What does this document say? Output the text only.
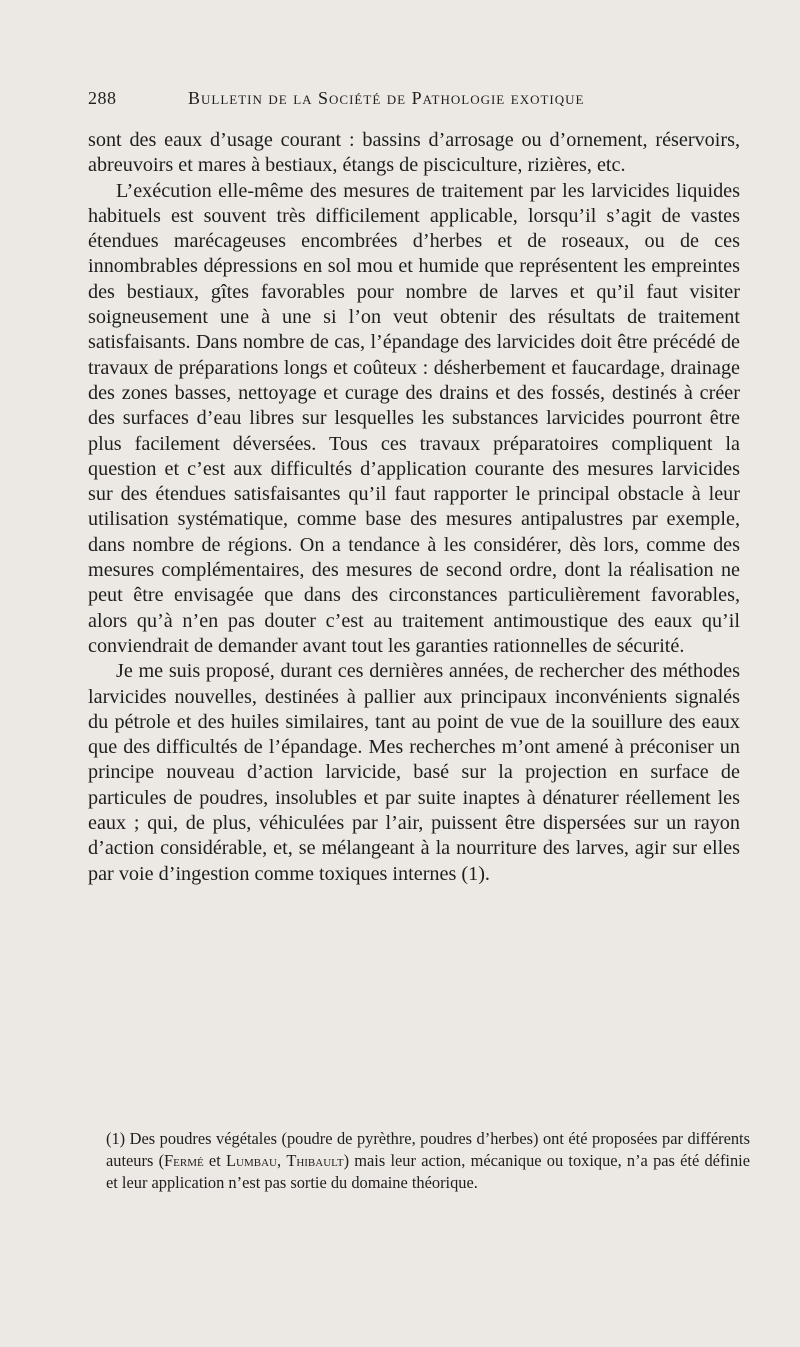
288	Bulletin de la Société de Pathologie exotique

sont des eaux d’usage courant : bassins d’arrosage ou d’ornement, réservoirs, abreuvoirs et mares à bestiaux, étangs de pisciculture, rizières, etc.

L’exécution elle-même des mesures de traitement par les larvicides liquides habituels est souvent très difficilement applicable, lorsqu’il s’agit de vastes étendues marécageuses encombrées d’herbes et de roseaux, ou de ces innombrables dépressions en sol mou et humide que représentent les empreintes des bestiaux, gîtes favorables pour nombre de larves et qu’il faut visiter soigneusement une à une si l’on veut obtenir des résultats de traitement satisfaisants. Dans nombre de cas, l’épandage des larvicides doit être précédé de travaux de préparations longs et coûteux : désherbement et faucardage, drainage des zones basses, nettoyage et curage des drains et des fossés, destinés à créer des surfaces d’eau libres sur lesquelles les substances larvicides pourront être plus facilement déversées. Tous ces travaux préparatoires compliquent la question et c’est aux difficultés d’application courante des mesures larvicides sur des étendues satisfaisantes qu’il faut rapporter le principal obstacle à leur utilisation systématique, comme base des mesures antipalustres par exemple, dans nombre de régions. On a tendance à les considérer, dès lors, comme des mesures complémentaires, des mesures de second ordre, dont la réalisation ne peut être envisagée que dans des circonstances particulièrement favorables, alors qu’à n’en pas douter c’est au traitement antimoustique des eaux qu’il conviendrait de demander avant tout les garanties rationnelles de sécurité.

Je me suis proposé, durant ces dernières années, de rechercher des méthodes larvicides nouvelles, destinées à pallier aux principaux inconvénients signalés du pétrole et des huiles similaires, tant au point de vue de la souillure des eaux que des difficultés de l’épandage. Mes recherches m’ont amené à préconiser un principe nouveau d’action larvicide, basé sur la projection en surface de particules de poudres, insolubles et par suite inaptes à dénaturer réellement les eaux ; qui, de plus, véhiculées par l’air, puissent être dispersées sur un rayon d’action considérable, et, se mélangeant à la nourriture des larves, agir sur elles par voie d’ingestion comme toxiques internes (1).

(1) Des poudres végétales (poudre de pyrèthre, poudres d’herbes) ont été proposées par différents auteurs (Fermé et Lumbau, Thibault) mais leur action, mécanique ou toxique, n’a pas été définie et leur application n’est pas sortie du domaine théorique.
